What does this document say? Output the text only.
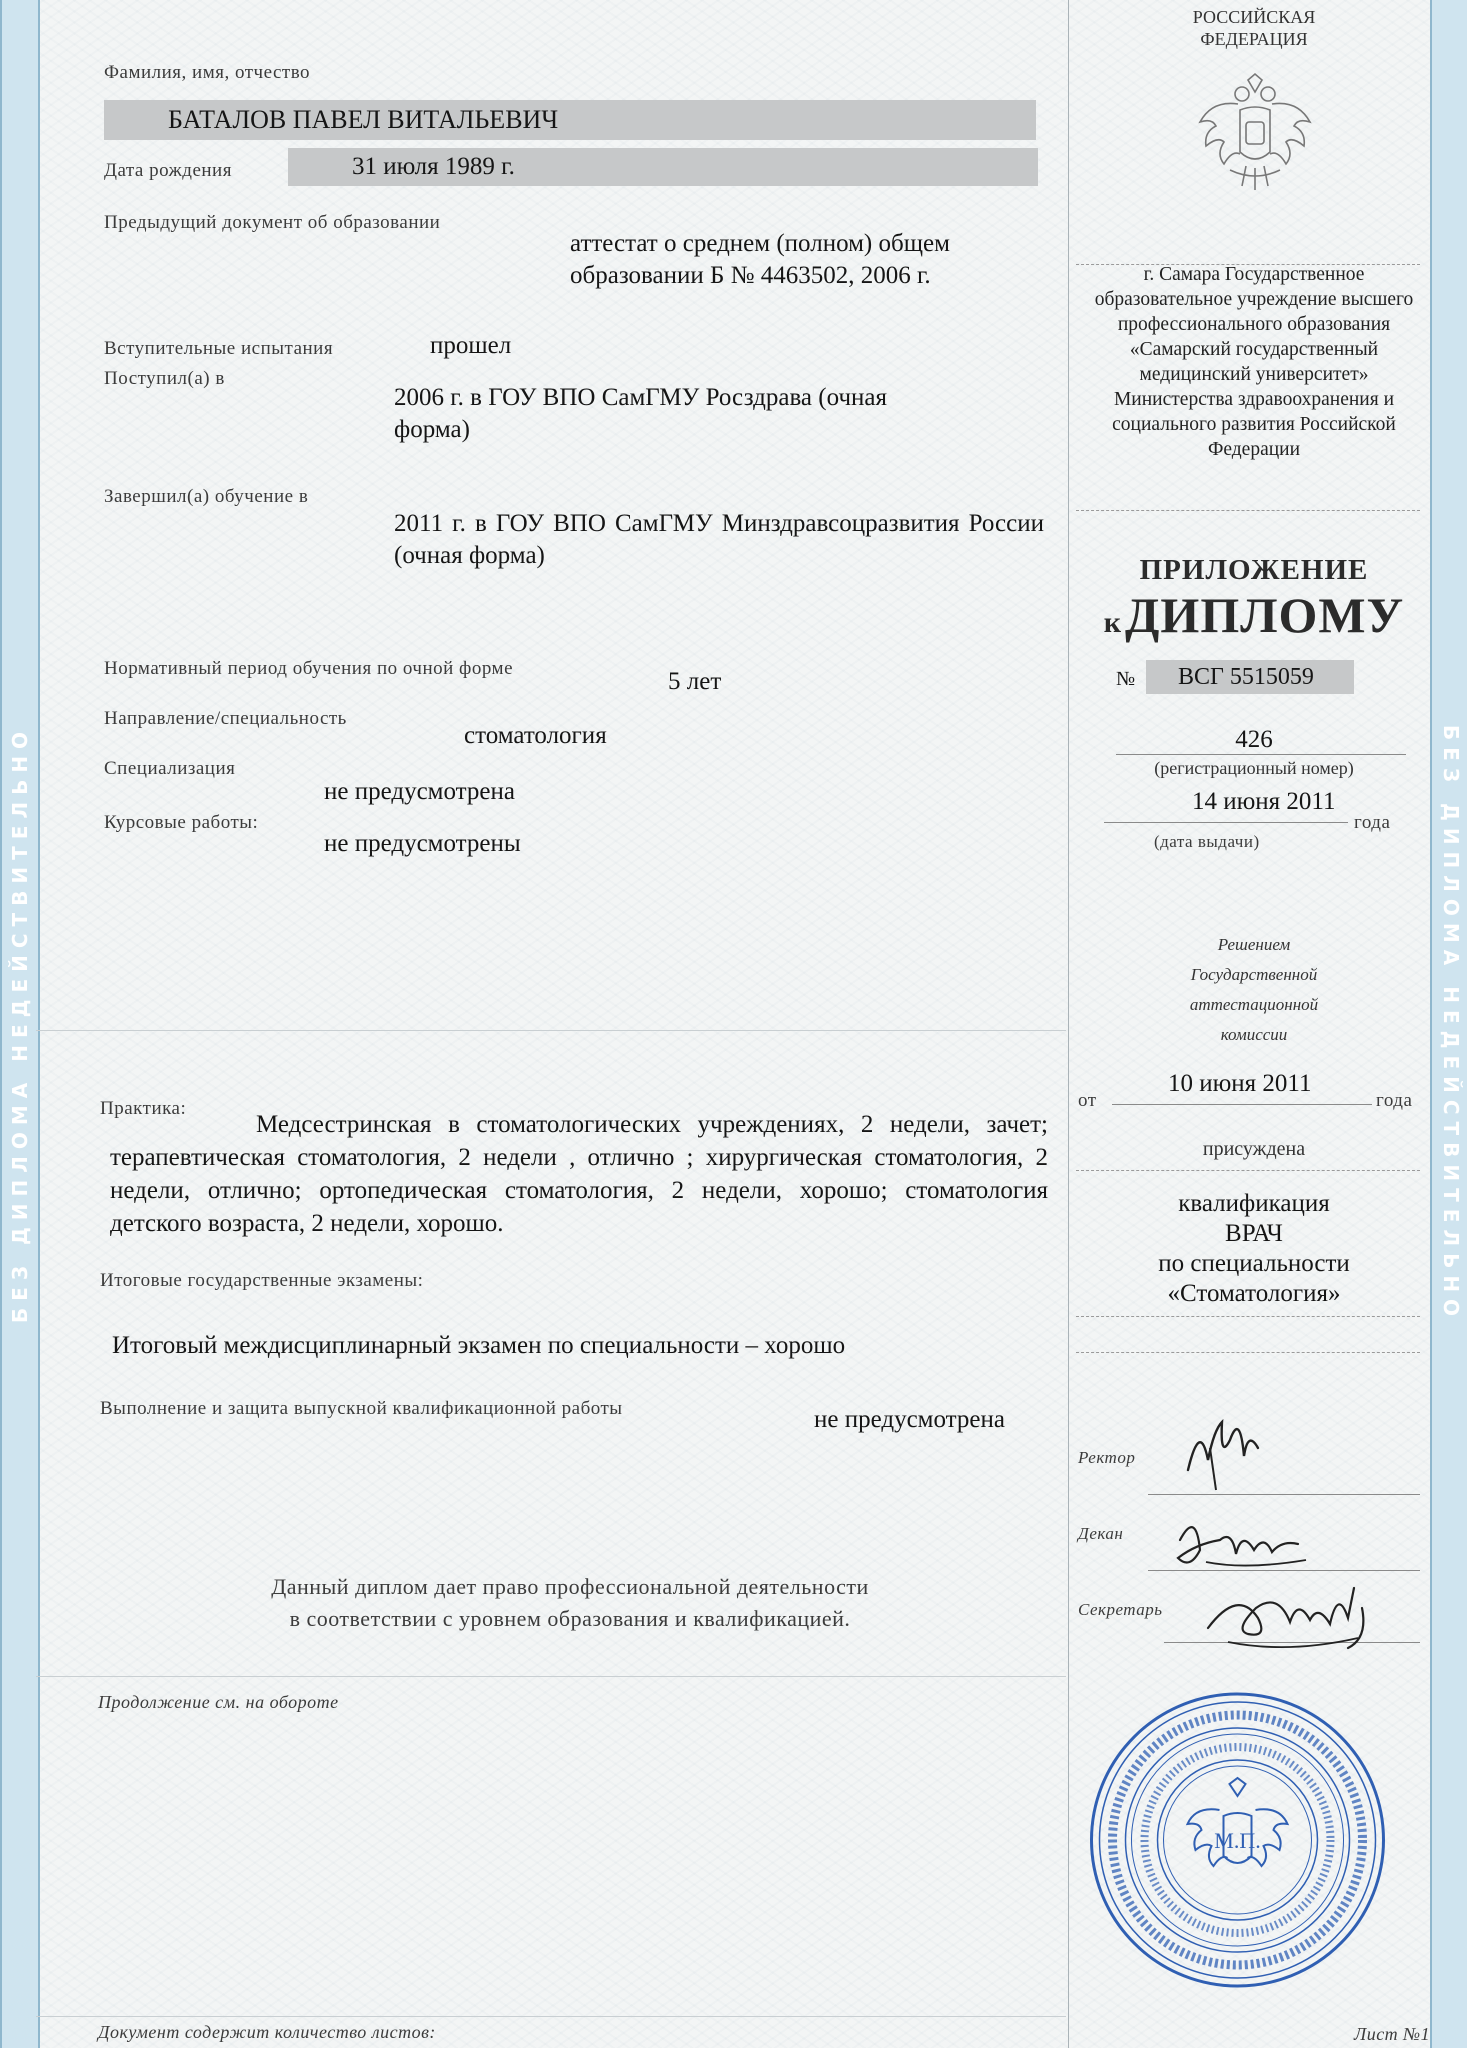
БЕЗ ДИПЛОМА НЕДЕЙСТВИТЕЛЬНО	БЕЗ ДИПЛОМА НЕДЕЙСТВИТЕЛЬНО
Фамилия, имя, отчество
БАТАЛОВ ПАВЕЛ ВИТАЛЬЕВИЧ
Дата рождения	31 июля 1989 г.
Предыдущий документ об образовании
аттестат о среднем (полном) общем образовании Б № 4463502, 2006 г.
Вступительные испытания	прошел
Поступил(а) в
2006 г. в ГОУ ВПО СамГМУ Росздрава (очная форма)
Завершил(а) обучение в
2011 г. в ГОУ ВПО СамГМУ Минздравсоцразвития России (очная форма)
Нормативный период обучения по очной форме	5 лет
Направление/специальность
стоматология
Специализация
не предусмотрена
Курсовые работы:
не предусмотрены
Практика:
Медсестринская в стоматологических учреждениях, 2 недели, зачет; терапевтическая стоматология, 2 недели , отлично ; хирургическая стоматология, 2 недели, отлично; ортопедическая стоматология, 2 недели, хорошо; стоматология детского возраста, 2 недели, хорошо.
Итоговые государственные экзамены:
Итоговый междисциплинарный экзамен по специальности – хорошо
Выполнение и защита выпускной квалификационной работы	не предусмотрена
Данный диплом дает право профессиональной деятельности
в соответствии с уровнем образования и квалификацией.
Продолжение см. на обороте
Документ содержит количество листов:
РОССИЙСКАЯ
ФЕДЕРАЦИЯ
г. Самара Государственное образовательное учреждение высшего профессионального образования «Самарский государственный медицинский университет» Министерства здравоохранения и социального развития Российской Федерации
ПРИЛОЖЕНИЕ
к ДИПЛОМУ
№	ВСГ 5515059
426
(регистрационный номер)
14 июня 2011
года
(дата выдачи)
Решением
Государственной
аттестационной
комиссии
от
10 июня 2011
года
присуждена
квалификация
ВРАЧ
по специальности
«Стоматология»
Ректор
Декан
Секретарь
М.П.
Лист №1
